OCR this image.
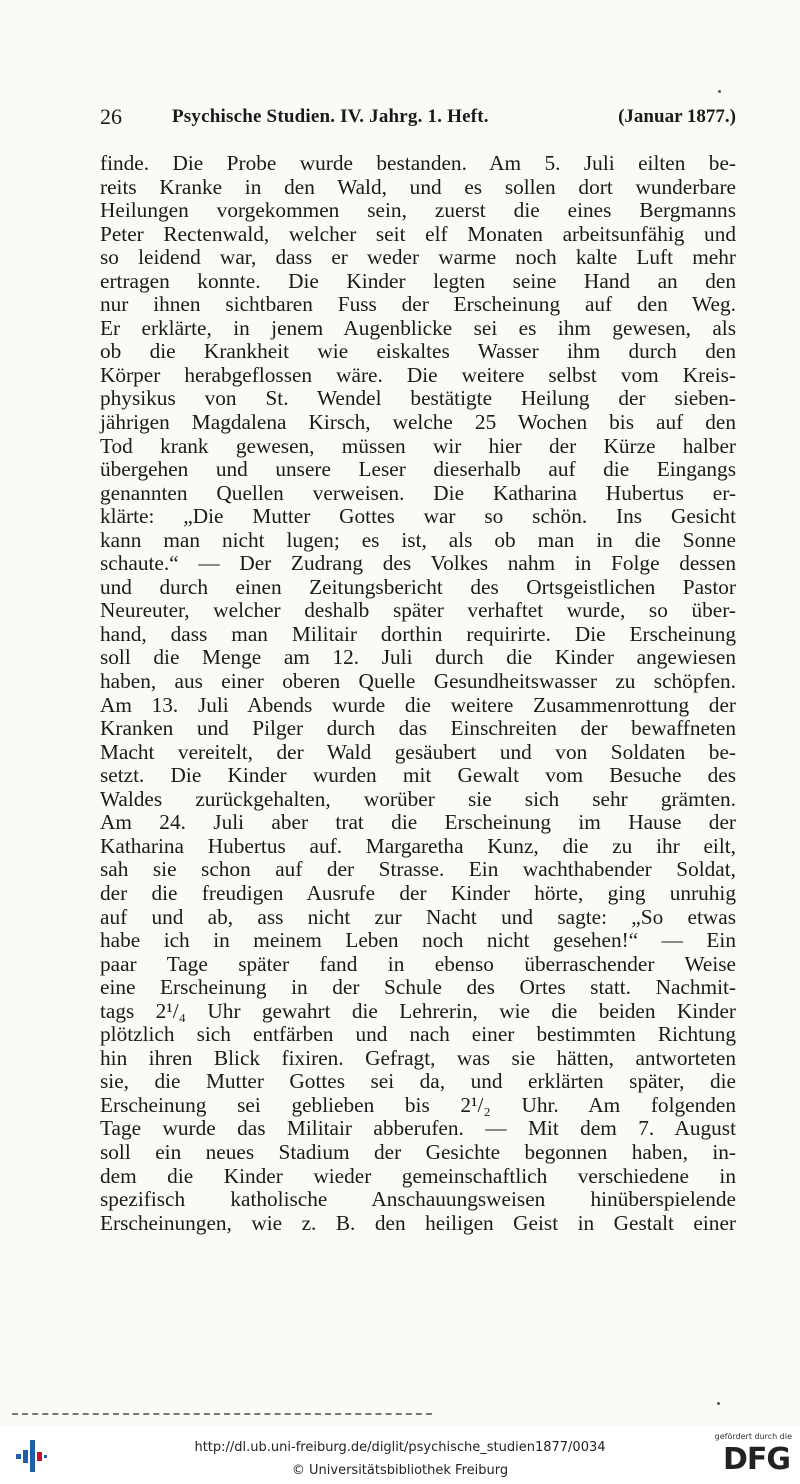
26	Psychische Studien. IV. Jahrg. 1. Heft.	(Januar 1877.)
finde. Die Probe wurde bestanden. Am 5. Juli eilten be-
reits Kranke in den Wald, und es sollen dort wunderbare
Heilungen vorgekommen sein, zuerst die eines Bergmanns
Peter Rectenwald, welcher seit elf Monaten arbeitsunfähig und
so leidend war, dass er weder warme noch kalte Luft mehr
ertragen konnte. Die Kinder legten seine Hand an den
nur ihnen sichtbaren Fuss der Erscheinung auf den Weg.
Er erklärte, in jenem Augenblicke sei es ihm gewesen, als
ob die Krankheit wie eiskaltes Wasser ihm durch den
Körper herabgeflossen wäre. Die weitere selbst vom Kreis-
physikus von St. Wendel bestätigte Heilung der sieben-
jährigen Magdalena Kirsch, welche 25 Wochen bis auf den
Tod krank gewesen, müssen wir hier der Kürze halber
übergehen und unsere Leser dieserhalb auf die Eingangs
genannten Quellen verweisen. Die Katharina Hubertus er-
klärte: „Die Mutter Gottes war so schön. Ins Gesicht
kann man nicht lugen; es ist, als ob man in die Sonne
schaute.“ — Der Zudrang des Volkes nahm in Folge dessen
und durch einen Zeitungsbericht des Ortsgeistlichen Pastor
Neureuter, welcher deshalb später verhaftet wurde, so über-
hand, dass man Militair dorthin requirirte. Die Erscheinung
soll die Menge am 12. Juli durch die Kinder angewiesen
haben, aus einer oberen Quelle Gesundheitswasser zu schöpfen.
Am 13. Juli Abends wurde die weitere Zusammenrottung der
Kranken und Pilger durch das Einschreiten der bewaffneten
Macht vereitelt, der Wald gesäubert und von Soldaten be-
setzt. Die Kinder wurden mit Gewalt vom Besuche des
Waldes zurückgehalten, worüber sie sich sehr grämten.
Am 24. Juli aber trat die Erscheinung im Hause der
Katharina Hubertus auf. Margaretha Kunz, die zu ihr eilt,
sah sie schon auf der Strasse. Ein wachthabender Soldat,
der die freudigen Ausrufe der Kinder hörte, ging unruhig
auf und ab, ass nicht zur Nacht und sagte: „So etwas
habe ich in meinem Leben noch nicht gesehen!“ — Ein
paar Tage später fand in ebenso überraschender Weise
eine Erscheinung in der Schule des Ortes statt. Nachmit-
tags 2¹/₄ Uhr gewahrt die Lehrerin, wie die beiden Kinder
plötzlich sich entfärben und nach einer bestimmten Richtung
hin ihren Blick fixiren. Gefragt, was sie hätten, antworteten
sie, die Mutter Gottes sei da, und erklärten später, die
Erscheinung sei geblieben bis 2¹/₂ Uhr. Am folgenden
Tage wurde das Militair abberufen. — Mit dem 7. August
soll ein neues Stadium der Gesichte begonnen haben, in-
dem die Kinder wieder gemeinschaftlich verschiedene in
spezifisch katholische Anschauungsweisen hinüberspielende
Erscheinungen, wie z. B. den heiligen Geist in Gestalt einer
http://dl.ub.uni-freiburg.de/diglit/psychische_studien1877/0034
© Universitätsbibliothek Freiburg
gefördert durch die
DFG
